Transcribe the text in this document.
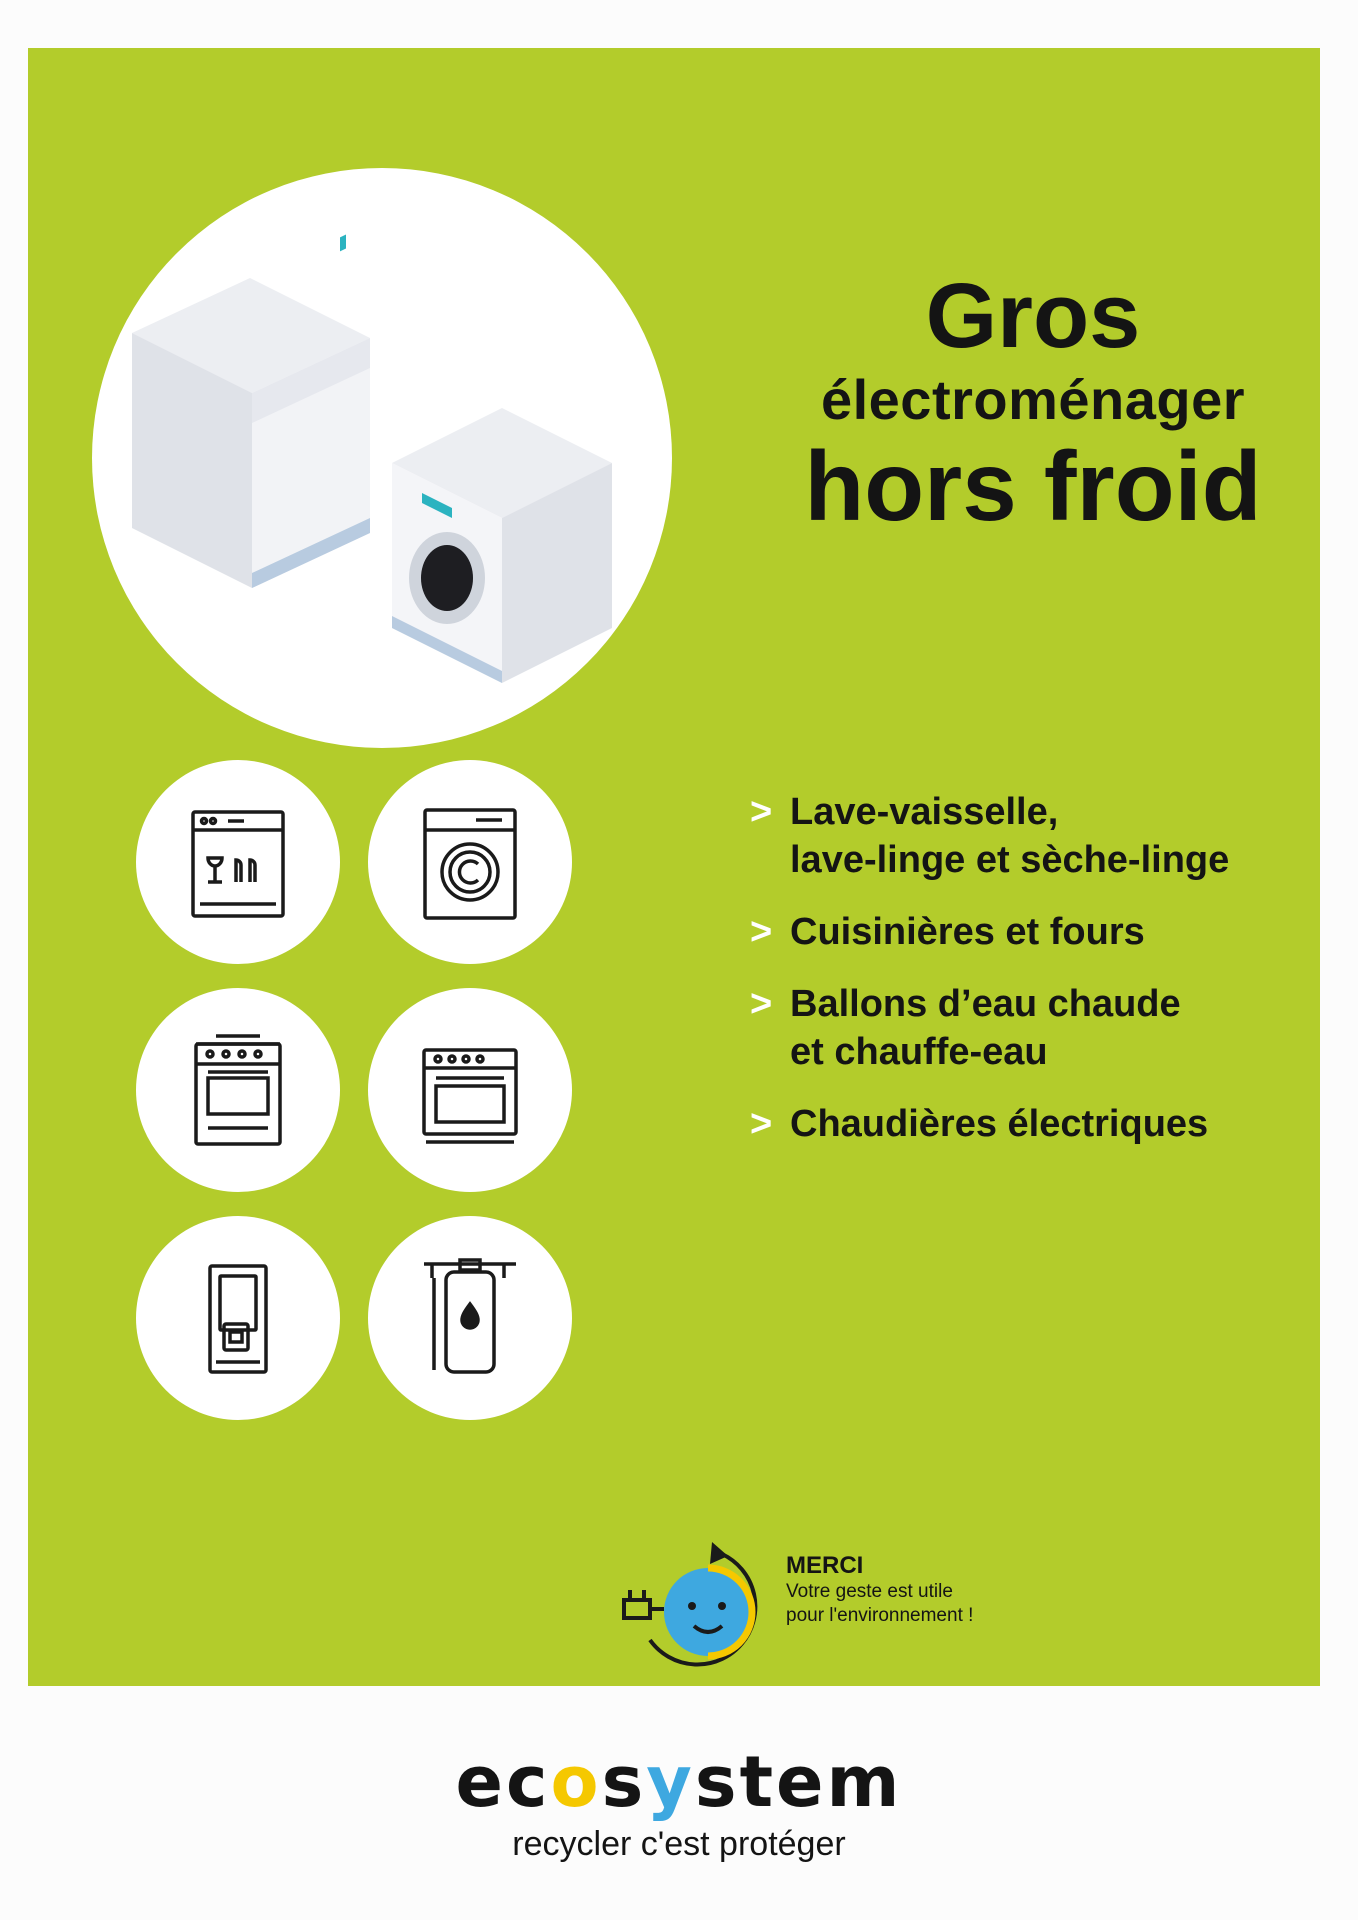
Gros
électroménager
hors froid
> Lave-vaisselle,
lave-linge et sèche-linge
> Cuisinières et fours
> Ballons d’eau chaude
et chauffe-eau
> Chaudières électriques
MERCI
Votre geste est utile
pour l'environnement !
ecosystem
recycler c'est protéger
